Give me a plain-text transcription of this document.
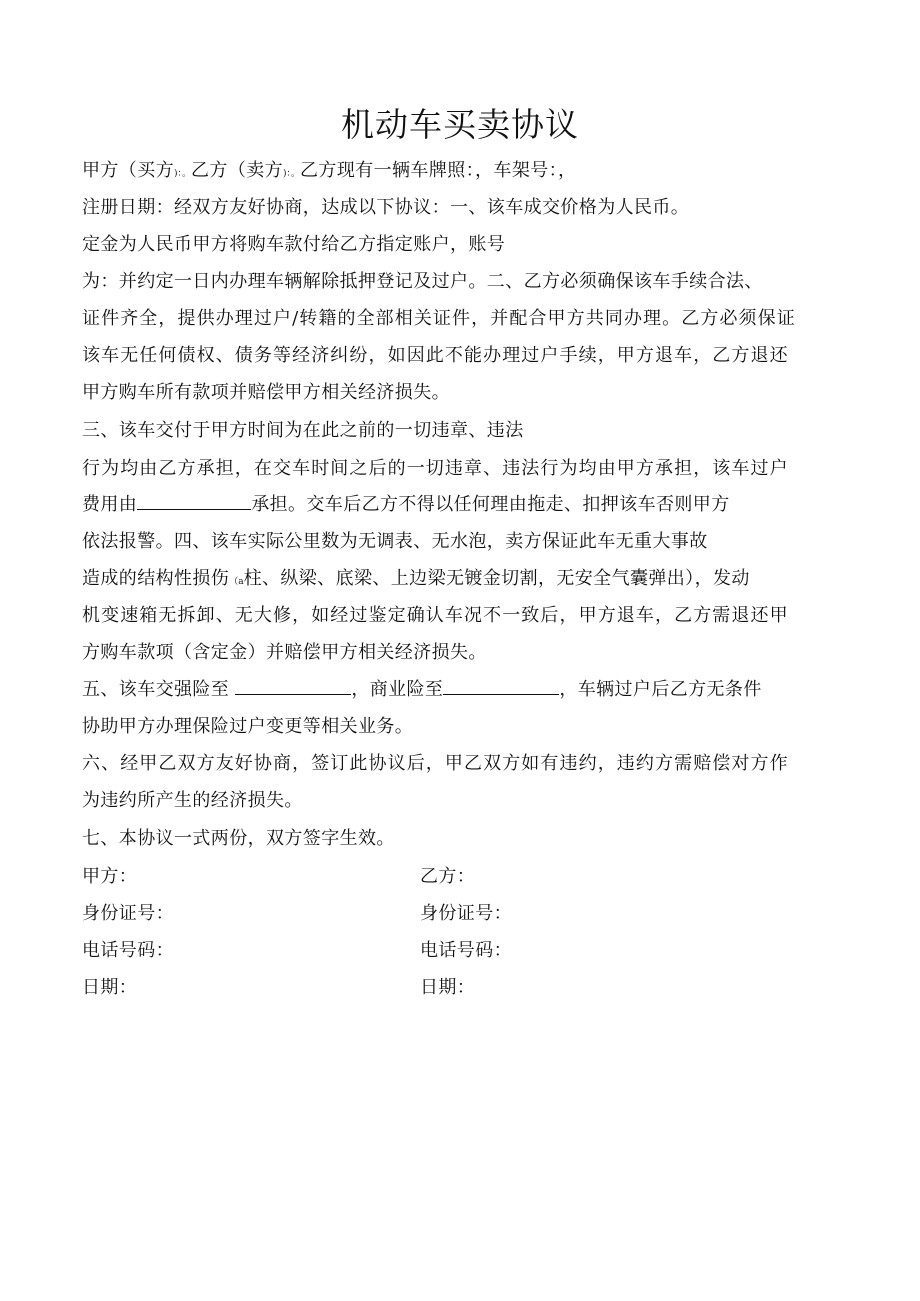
机动车买卖协议
甲方（买方)：。乙方（卖方)：。乙方现有一辆车牌照：，车架号：，
注册日期：经双方友好协商，达成以下协议：一、该车成交价格为人民币。
定金为人民币甲方将购车款付给乙方指定账户，账号
为：并约定一日内办理车辆解除抵押登记及过户。二、乙方必须确保该车手续合法、
证件齐全，提供办理过户/转籍的全部相关证件，并配合甲方共同办理。乙方必须保证
该车无任何债权、债务等经济纠纷，如因此不能办理过户手续，甲方退车，乙方退还
甲方购车所有款项并赔偿甲方相关经济损失。
三、该车交付于甲方时间为在此之前的一切违章、违法
行为均由乙方承担，在交车时间之后的一切违章、违法行为均由甲方承担，该车过户
费用由	承担。交车后乙方不得以任何理由拖走、扣押该车否则甲方
依法报警。四、该车实际公里数为无调表、无水泡，卖方保证此车无重大事故
造成的结构性损伤（a柱、纵梁、底梁、上边梁无镀金切割，无安全气囊弹出），发动
机变速箱无拆卸、无大修，如经过鉴定确认车况不一致后，甲方退车，乙方需退还甲
方购车款项（含定金）并赔偿甲方相关经济损失。
五、该车交强险至	，商业险至	，车辆过户后乙方无条件
协助甲方办理保险过户变更等相关业务。
六、经甲乙双方友好协商，签订此协议后，甲乙双方如有违约，违约方需赔偿对方作
为违约所产生的经济损失。
七、本协议一式两份，双方签字生效。
甲方：	乙方：
身份证号：	身份证号：
电话号码：	电话号码：
日期：	日期：
